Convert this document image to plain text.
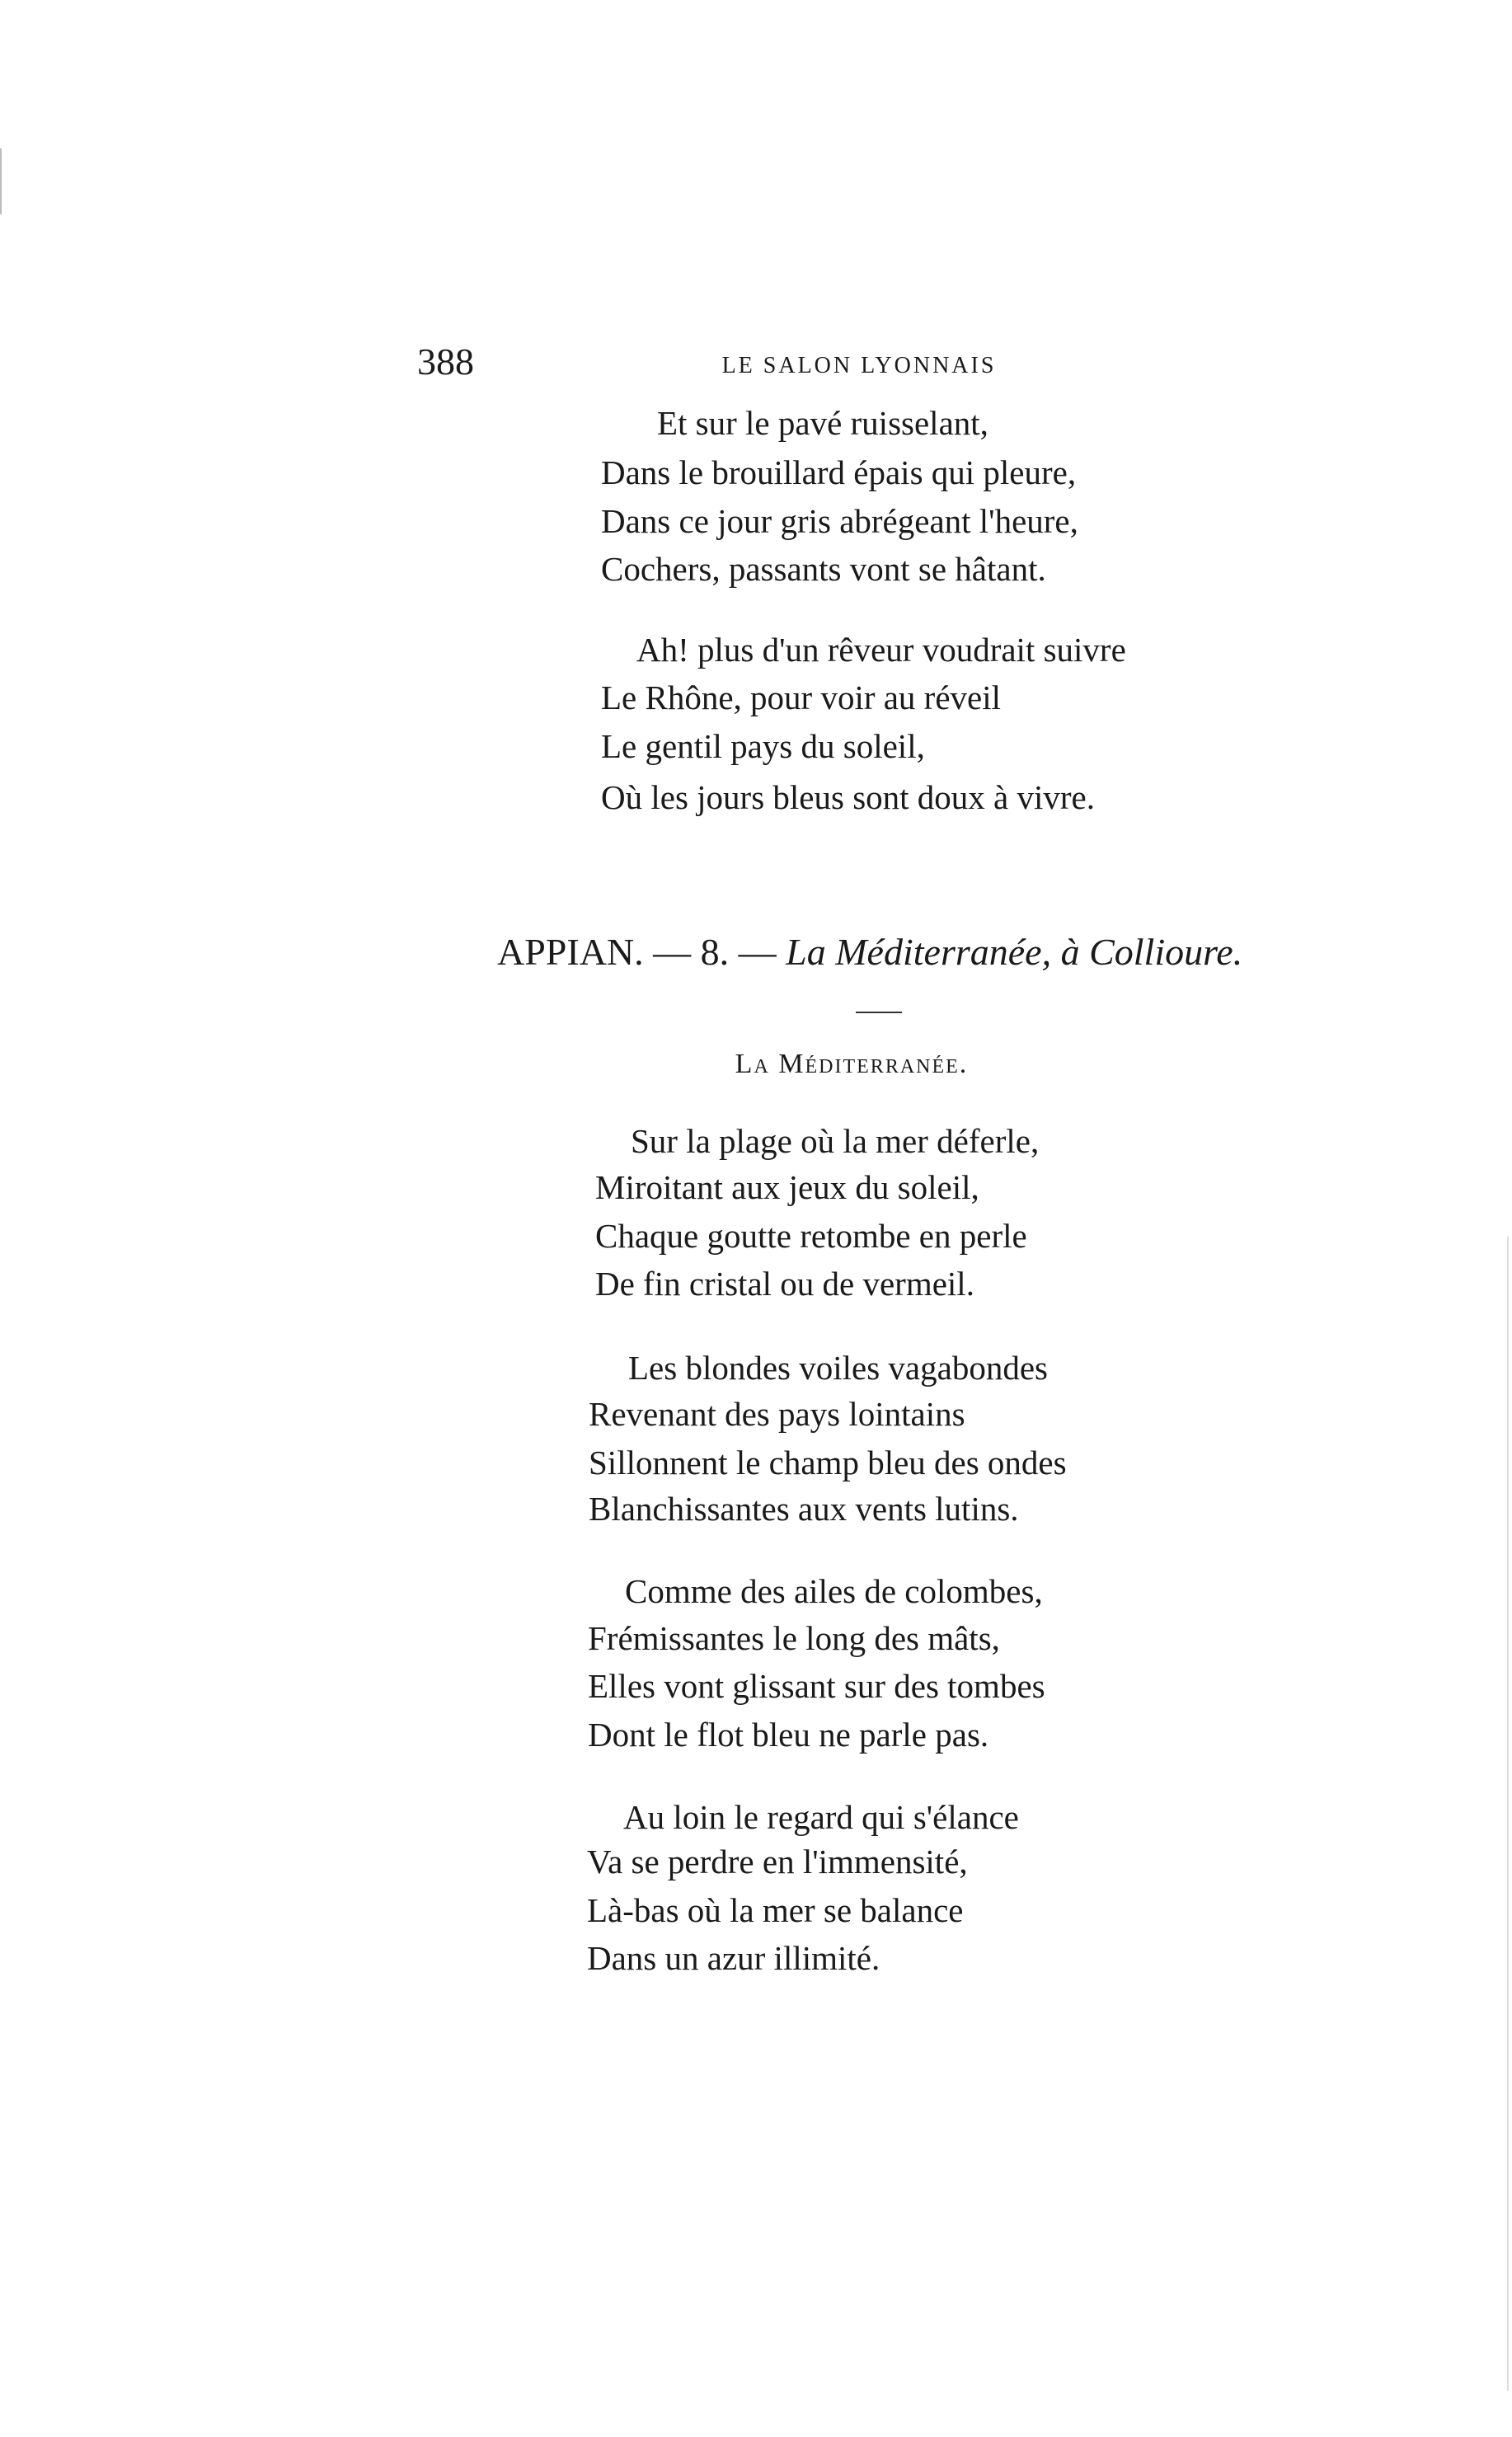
388	LE SALON LYONNAIS
Et sur le pavé ruisselant,
Dans le brouillard épais qui pleure,
Dans ce jour gris abrégeant l'heure,
Cochers, passants vont se hâtant.
Ah! plus d'un rêveur voudrait suivre
Le Rhône, pour voir au réveil
Le gentil pays du soleil,
Où les jours bleus sont doux à vivre.
APPIAN. — 8. — La Méditerranée, à Collioure.
La Méditerranée.
Sur la plage où la mer déferle,
Miroitant aux jeux du soleil,
Chaque goutte retombe en perle
De fin cristal ou de vermeil.
Les blondes voiles vagabondes
Revenant des pays lointains
Sillonnent le champ bleu des ondes
Blanchissantes aux vents lutins.
Comme des ailes de colombes,
Frémissantes le long des mâts,
Elles vont glissant sur des tombes
Dont le flot bleu ne parle pas.
Au loin le regard qui s'élance
Va se perdre en l'immensité,
Là-bas où la mer se balance
Dans un azur illimité.
